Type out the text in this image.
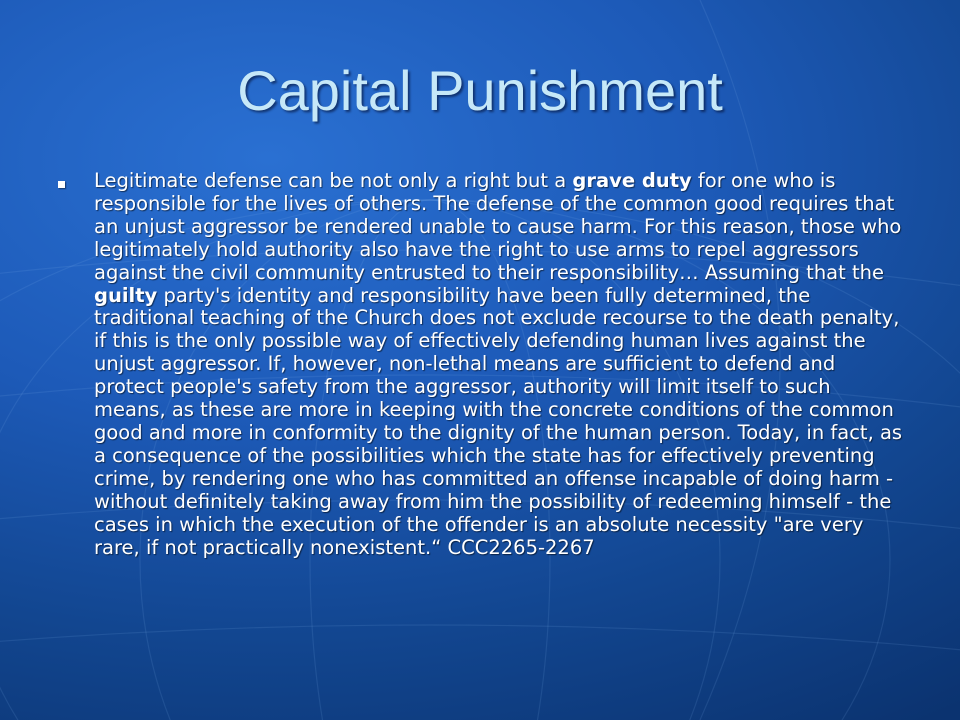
Capital Punishment

Legitimate defense can be not only a right but a grave duty for one who is responsible for the lives of others. The defense of the common good requires that an unjust aggressor be rendered unable to cause harm. For this reason, those who legitimately hold authority also have the right to use arms to repel aggressors against the civil community entrusted to their responsibility… Assuming that the guilty party's identity and responsibility have been fully determined, the traditional teaching of the Church does not exclude recourse to the death penalty, if this is the only possible way of effectively defending human lives against the unjust aggressor. If, however, non-lethal means are sufficient to defend and protect people's safety from the aggressor, authority will limit itself to such means, as these are more in keeping with the concrete conditions of the common good and more in conformity to the dignity of the human person. Today, in fact, as a consequence of the possibilities which the state has for effectively preventing crime, by rendering one who has committed an offense incapable of doing harm - without definitely taking away from him the possibility of redeeming himself - the cases in which the execution of the offender is an absolute necessity "are very rare, if not practically nonexistent.“ CCC2265-2267
